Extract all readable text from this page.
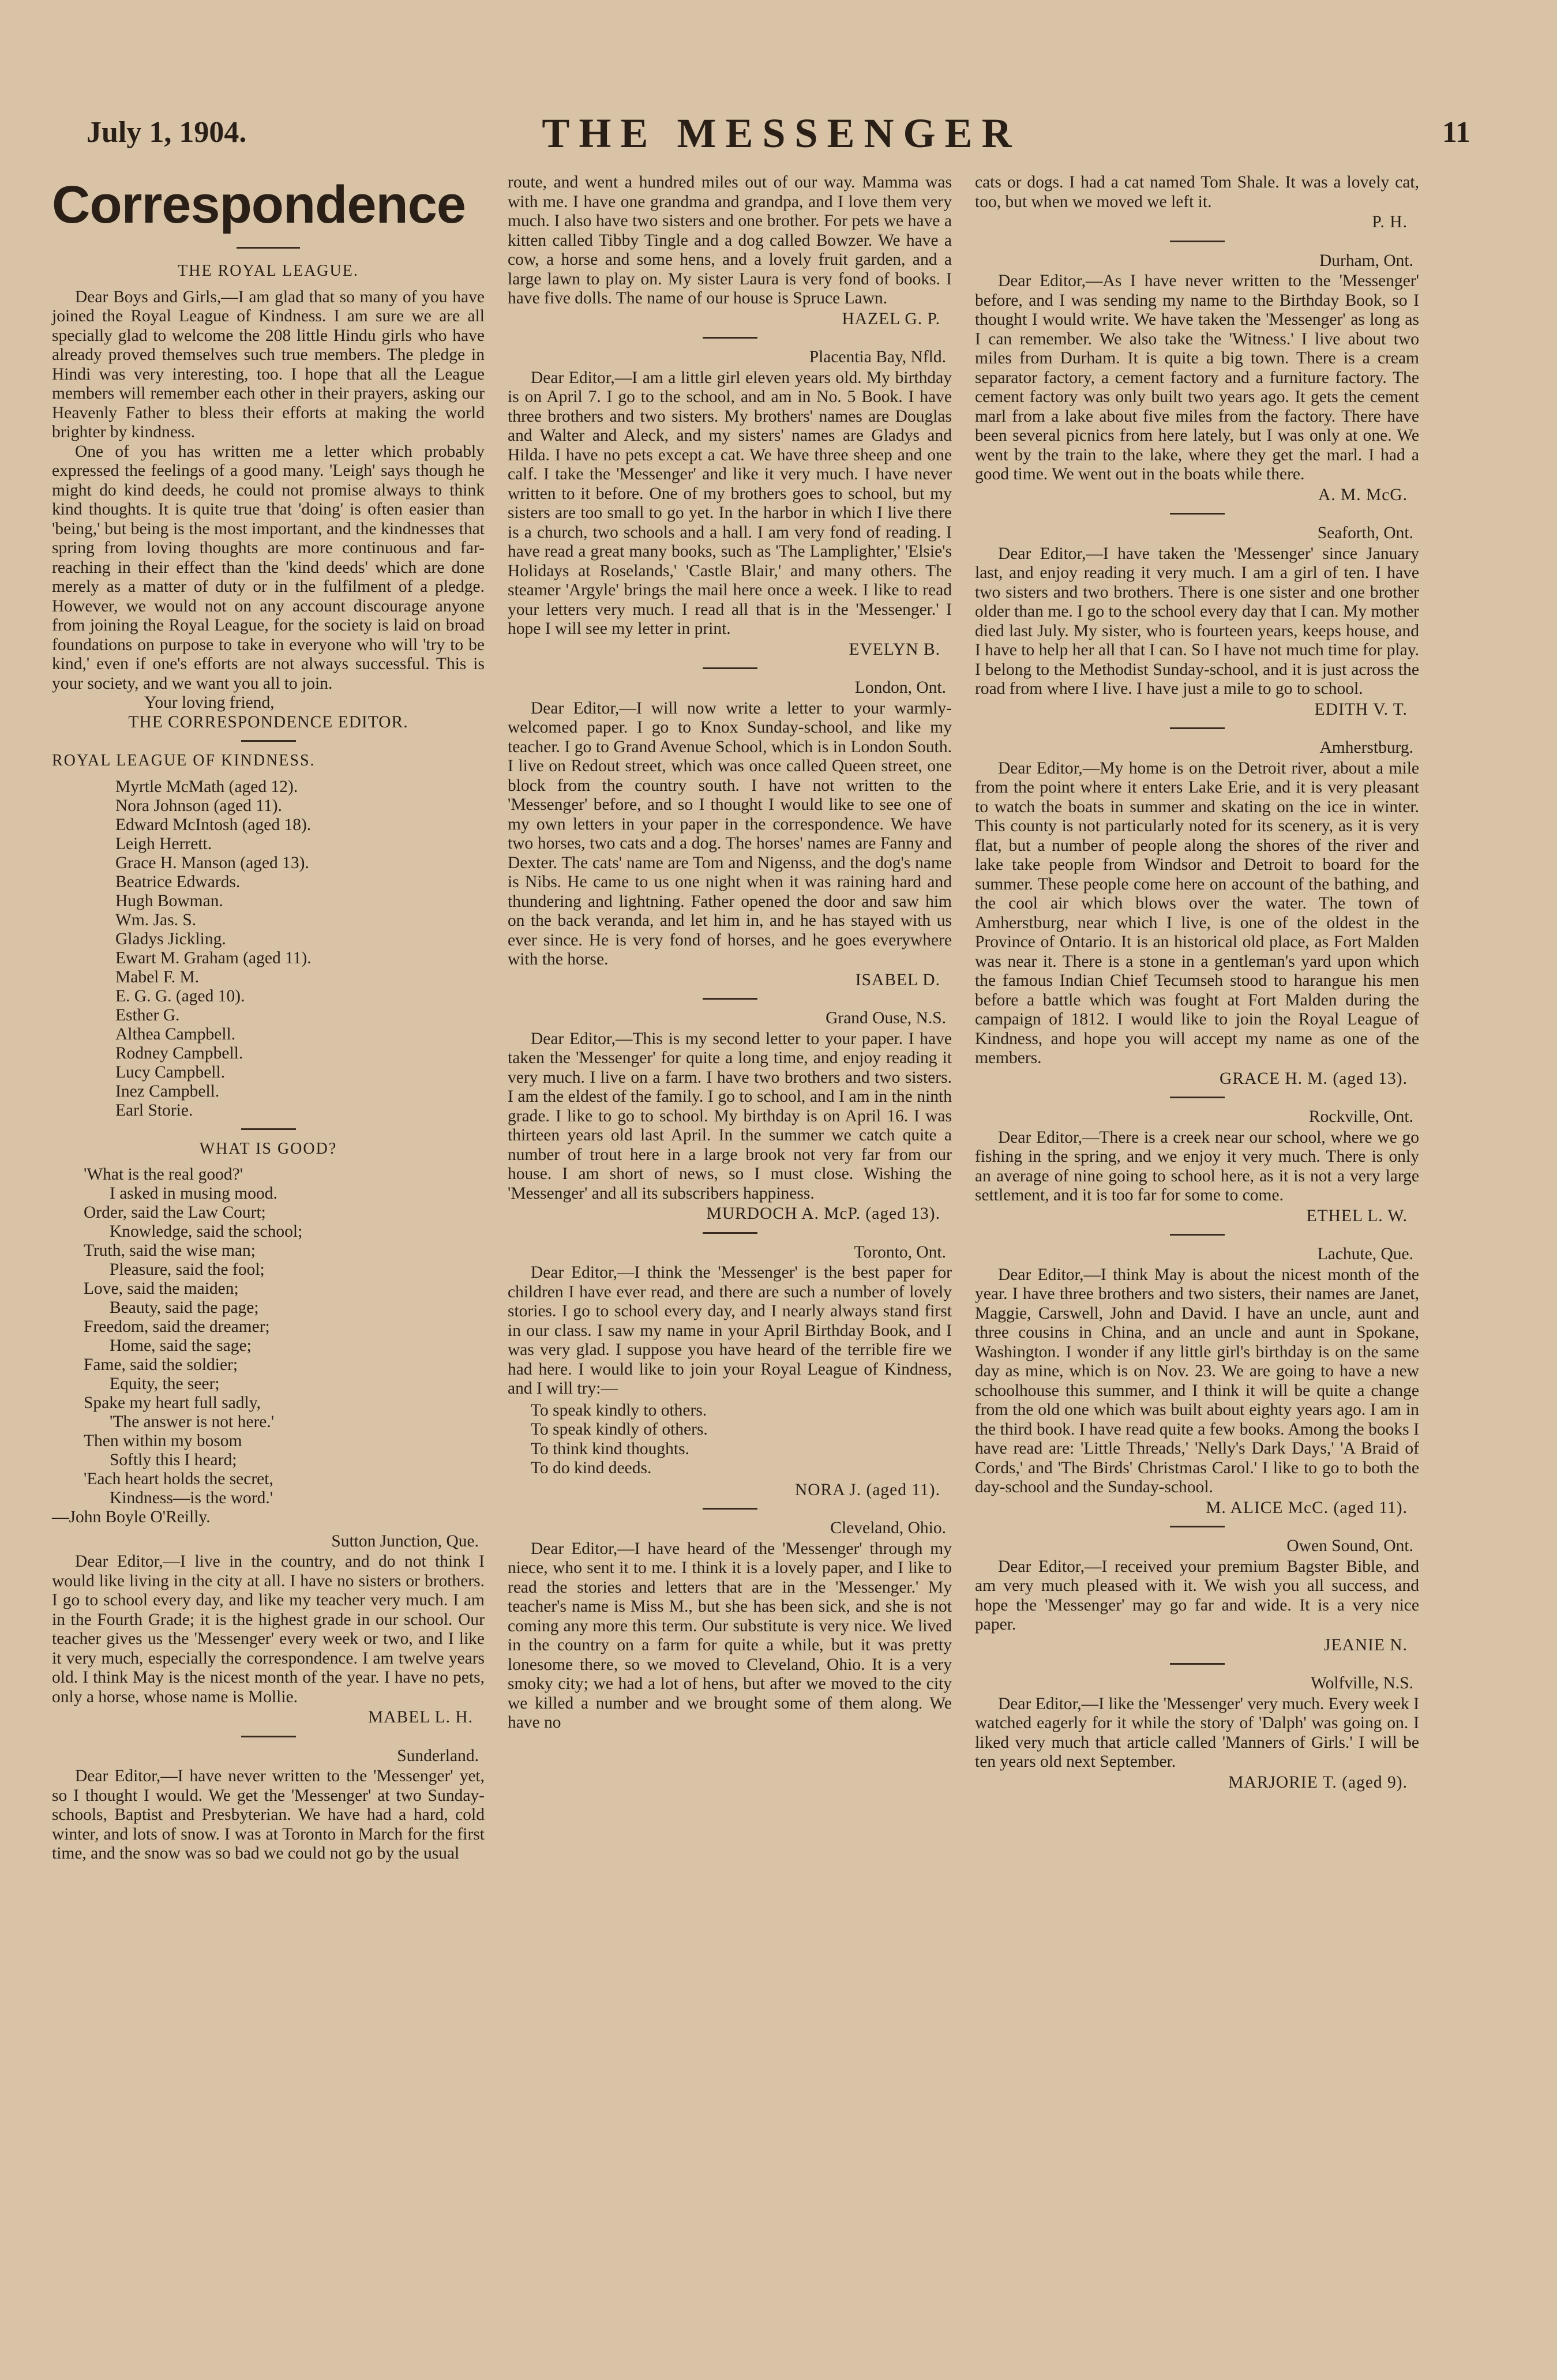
July 1, 1904.	THE MESSENGER	11
Correspondence
THE ROYAL LEAGUE.

Dear Boys and Girls,—I am glad that so many of you have joined the Royal League of Kindness. I am sure we are all specially glad to welcome the 208 little Hindu girls who have already proved themselves such true members. The pledge in Hindi was very interesting, too. I hope that all the League members will remember each other in their prayers, asking our Heavenly Father to bless their efforts at making the world brighter by kindness.

One of you has written me a letter which probably expressed the feelings of a good many. 'Leigh' says though he might do kind deeds, he could not promise always to think kind thoughts. It is quite true that 'doing' is often easier than 'being,' but being is the most important, and the kindnesses that spring from loving thoughts are more continuous and far-reaching in their effect than the 'kind deeds' which are done merely as a matter of duty or in the fulfilment of a pledge. However, we would not on any account discourage anyone from joining the Royal League, for the society is laid on broad foundations on purpose to take in everyone who will 'try to be kind,' even if one's efforts are not always successful. This is your society, and we want you all to join.

Your loving friend,

THE CORRESPONDENCE EDITOR.

ROYAL LEAGUE OF KINDNESS.
Myrtle McMath (aged 12).
Nora Johnson (aged 11).
Edward McIntosh (aged 18).
Leigh Herrett.
Grace H. Manson (aged 13).
Beatrice Edwards.
Hugh Bowman.
Wm. Jas. S.
Gladys Jickling.
Ewart M. Graham (aged 11).
Mabel F. M.
E. G. G. (aged 10).
Esther G.
Althea Campbell.
Rodney Campbell.
Lucy Campbell.
Inez Campbell.
Earl Storie.
WHAT IS GOOD?
'What is the real good?'
I asked in musing mood.
Order, said the Law Court;
Knowledge, said the school;
Truth, said the wise man;
Pleasure, said the fool;
Love, said the maiden;
Beauty, said the page;
Freedom, said the dreamer;
Home, said the sage;
Fame, said the soldier;
Equity, the seer;
Spake my heart full sadly,
'The answer is not here.'
Then within my bosom
Softly this I heard;
'Each heart holds the secret,
Kindness—is the word.'

—John Boyle O'Reilly.

Sutton Junction, Que.

Dear Editor,—I live in the country, and do not think I would like living in the city at all. I have no sisters or brothers. I go to school every day, and like my teacher very much. I am in the Fourth Grade; it is the highest grade in our school. Our teacher gives us the 'Messenger' every week or two, and I like it very much, especially the correspondence. I am twelve years old. I think May is the nicest month of the year. I have no pets, only a horse, whose name is Mollie.

MABEL L. H.

Sunderland.

Dear Editor,—I have never written to the 'Messenger' yet, so I thought I would. We get the 'Messenger' at two Sunday-schools, Baptist and Presbyterian. We have had a hard, cold winter, and lots of snow. I was at Toronto in March for the first time, and the snow was so bad we could not go by the usual

route, and went a hundred miles out of our way. Mamma was with me. I have one grandma and grandpa, and I love them very much. I also have two sisters and one brother. For pets we have a kitten called Tibby Tingle and a dog called Bowzer. We have a cow, a horse and some hens, and a lovely fruit garden, and a large lawn to play on. My sister Laura is very fond of books. I have five dolls. The name of our house is Spruce Lawn.

HAZEL G. P.

Placentia Bay, Nfld.

Dear Editor,—I am a little girl eleven years old. My birthday is on April 7. I go to the school, and am in No. 5 Book. I have three brothers and two sisters. My brothers' names are Douglas and Walter and Aleck, and my sisters' names are Gladys and Hilda. I have no pets except a cat. We have three sheep and one calf. I take the 'Messenger' and like it very much. I have never written to it before. One of my brothers goes to school, but my sisters are too small to go yet. In the harbor in which I live there is a church, two schools and a hall. I am very fond of reading. I have read a great many books, such as 'The Lamplighter,' 'Elsie's Holidays at Roselands,' 'Castle Blair,' and many others. The steamer 'Argyle' brings the mail here once a week. I like to read your letters very much. I read all that is in the 'Messenger.' I hope I will see my letter in print.

EVELYN B.

London, Ont.

Dear Editor,—I will now write a letter to your warmly-welcomed paper. I go to Knox Sunday-school, and like my teacher. I go to Grand Avenue School, which is in London South. I live on Redout street, which was once called Queen street, one block from the country south. I have not written to the 'Messenger' before, and so I thought I would like to see one of my own letters in your paper in the correspondence. We have two horses, two cats and a dog. The horses' names are Fanny and Dexter. The cats' name are Tom and Nigenss, and the dog's name is Nibs. He came to us one night when it was raining hard and thundering and lightning. Father opened the door and saw him on the back veranda, and let him in, and he has stayed with us ever since. He is very fond of horses, and he goes everywhere with the horse.

ISABEL D.

Grand Ouse, N.S.

Dear Editor,—This is my second letter to your paper. I have taken the 'Messenger' for quite a long time, and enjoy reading it very much. I live on a farm. I have two brothers and two sisters. I am the eldest of the family. I go to school, and I am in the ninth grade. I like to go to school. My birthday is on April 16. I was thirteen years old last April. In the summer we catch quite a number of trout here in a large brook not very far from our house. I am short of news, so I must close. Wishing the 'Messenger' and all its subscribers happiness.

MURDOCH A. McP. (aged 13).

Toronto, Ont.

Dear Editor,—I think the 'Messenger' is the best paper for children I have ever read, and there are such a number of lovely stories. I go to school every day, and I nearly always stand first in our class. I saw my name in your April Birthday Book, and I was very glad. I suppose you have heard of the terrible fire we had here. I would like to join your Royal League of Kindness, and I will try:—

To speak kindly to others.
To speak kindly of others.
To think kind thoughts.
To do kind deeds.

NORA J. (aged 11).

Cleveland, Ohio.

Dear Editor,—I have heard of the 'Messenger' through my niece, who sent it to me. I think it is a lovely paper, and I like to read the stories and letters that are in the 'Messenger.' My teacher's name is Miss M., but she has been sick, and she is not coming any more this term. Our substitute is very nice. We lived in the country on a farm for quite a while, but it was pretty lonesome there, so we moved to Cleveland, Ohio. It is a very smoky city; we had a lot of hens, but after we moved to the city we killed a number and we brought some of them along. We have no

cats or dogs. I had a cat named Tom Shale. It was a lovely cat, too, but when we moved we left it.

P. H.

Durham, Ont.

Dear Editor,—As I have never written to the 'Messenger' before, and I was sending my name to the Birthday Book, so I thought I would write. We have taken the 'Messenger' as long as I can remember. We also take the 'Witness.' I live about two miles from Durham. It is quite a big town. There is a cream separator factory, a cement factory and a furniture factory. The cement factory was only built two years ago. It gets the cement marl from a lake about five miles from the factory. There have been several picnics from here lately, but I was only at one. We went by the train to the lake, where they get the marl. I had a good time. We went out in the boats while there.

A. M. McG.

Seaforth, Ont.

Dear Editor,—I have taken the 'Messenger' since January last, and enjoy reading it very much. I am a girl of ten. I have two sisters and two brothers. There is one sister and one brother older than me. I go to the school every day that I can. My mother died last July. My sister, who is fourteen years, keeps house, and I have to help her all that I can. So I have not much time for play. I belong to the Methodist Sunday-school, and it is just across the road from where I live. I have just a mile to go to school.

EDITH V. T.

Amherstburg.

Dear Editor,—My home is on the Detroit river, about a mile from the point where it enters Lake Erie, and it is very pleasant to watch the boats in summer and skating on the ice in winter. This county is not particularly noted for its scenery, as it is very flat, but a number of people along the shores of the river and lake take people from Windsor and Detroit to board for the summer. These people come here on account of the bathing, and the cool air which blows over the water. The town of Amherstburg, near which I live, is one of the oldest in the Province of Ontario. It is an historical old place, as Fort Malden was near it. There is a stone in a gentleman's yard upon which the famous Indian Chief Tecumseh stood to harangue his men before a battle which was fought at Fort Malden during the campaign of 1812. I would like to join the Royal League of Kindness, and hope you will accept my name as one of the members.

GRACE H. M. (aged 13).

Rockville, Ont.

Dear Editor,—There is a creek near our school, where we go fishing in the spring, and we enjoy it very much. There is only an average of nine going to school here, as it is not a very large settlement, and it is too far for some to come.

ETHEL L. W.

Lachute, Que.

Dear Editor,—I think May is about the nicest month of the year. I have three brothers and two sisters, their names are Janet, Maggie, Carswell, John and David. I have an uncle, aunt and three cousins in China, and an uncle and aunt in Spokane, Washington. I wonder if any little girl's birthday is on the same day as mine, which is on Nov. 23. We are going to have a new schoolhouse this summer, and I think it will be quite a change from the old one which was built about eighty years ago. I am in the third book. I have read quite a few books. Among the books I have read are: 'Little Threads,' 'Nelly's Dark Days,' 'A Braid of Cords,' and 'The Birds' Christmas Carol.' I like to go to both the day-school and the Sunday-school.

M. ALICE McC. (aged 11).

Owen Sound, Ont.

Dear Editor,—I received your premium Bagster Bible, and am very much pleased with it. We wish you all success, and hope the 'Messenger' may go far and wide. It is a very nice paper.

JEANIE N.

Wolfville, N.S.

Dear Editor,—I like the 'Messenger' very much. Every week I watched eagerly for it while the story of 'Dalph' was going on. I liked very much that article called 'Manners of Girls.' I will be ten years old next September.

MARJORIE T. (aged 9).
